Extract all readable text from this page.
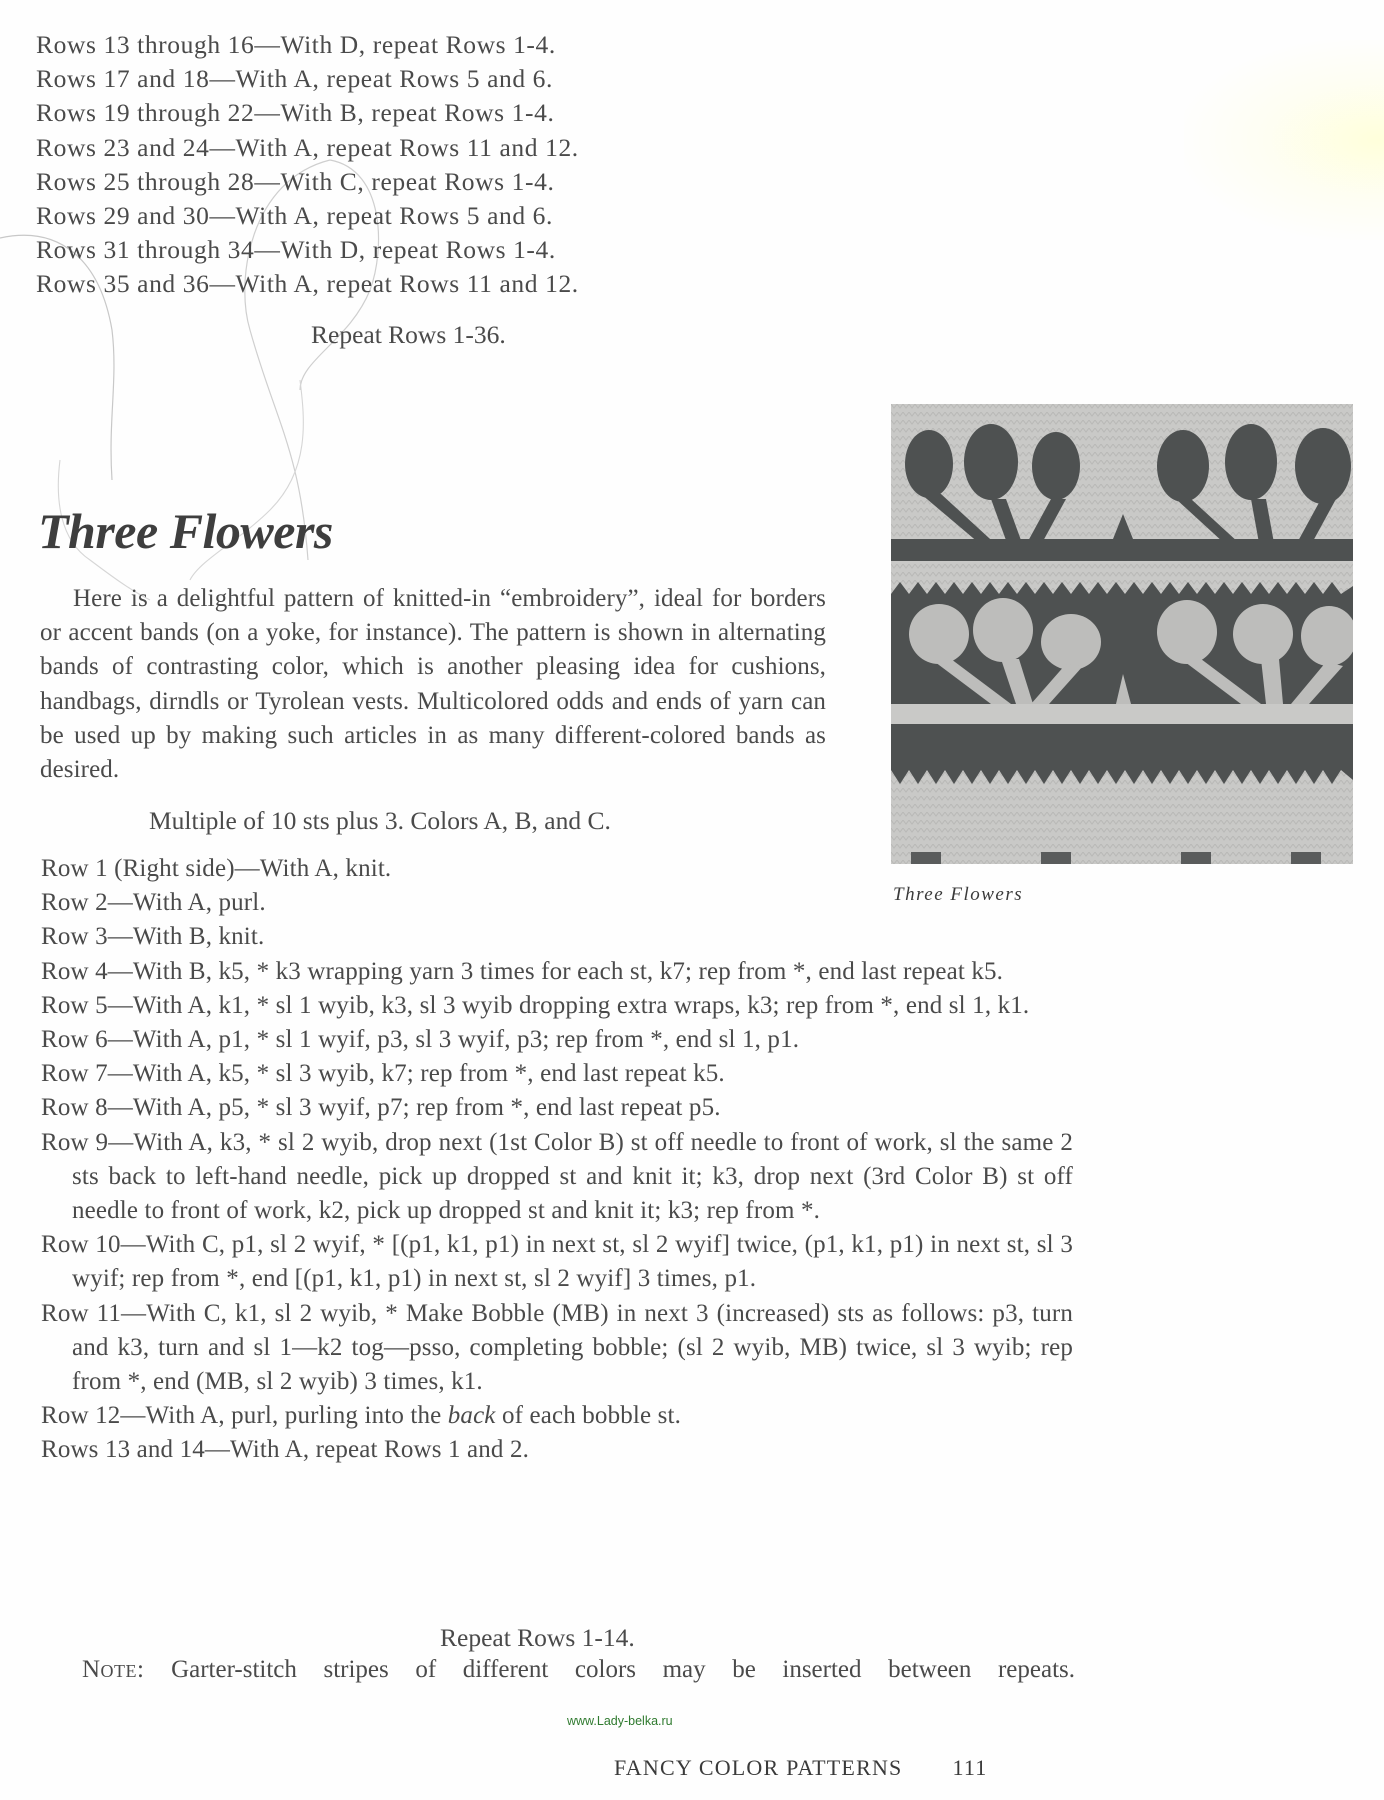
Rows 13 through 16—With D, repeat Rows 1-4.
Rows 17 and 18—With A, repeat Rows 5 and 6.
Rows 19 through 22—With B, repeat Rows 1-4.
Rows 23 and 24—With A, repeat Rows 11 and 12.
Rows 25 through 28—With C, repeat Rows 1-4.
Rows 29 and 30—With A, repeat Rows 5 and 6.
Rows 31 through 34—With D, repeat Rows 1-4.
Rows 35 and 36—With A, repeat Rows 11 and 12.
Repeat Rows 1-36.
Three Flowers
Here is a delightful pattern of knitted-in “embroidery”, ideal for borders or accent bands (on a yoke, for instance). The pattern is shown in alternating bands of contrasting color, which is another pleasing idea for cushions, handbags, dirndls or Tyrolean vests. Multicolored odds and ends of yarn can be used up by making such articles in as many different-colored bands as desired.
Multiple of 10 sts plus 3. Colors A, B, and C.
Three Flowers
Row 1 (Right side)—With A, knit.
Row 2—With A, purl.
Row 3—With B, knit.
Row 4—With B, k5, * k3 wrapping yarn 3 times for each st, k7; rep from *, end last repeat k5.
Row 5—With A, k1, * sl 1 wyib, k3, sl 3 wyib dropping extra wraps, k3; rep from *, end sl 1, k1.
Row 6—With A, p1, * sl 1 wyif, p3, sl 3 wyif, p3; rep from *, end sl 1, p1.
Row 7—With A, k5, * sl 3 wyib, k7; rep from *, end last repeat k5.
Row 8—With A, p5, * sl 3 wyif, p7; rep from *, end last repeat p5.
Row 9—With A, k3, * sl 2 wyib, drop next (1st Color B) st off needle to front of work, sl the same 2 sts back to left-hand needle, pick up dropped st and knit it; k3, drop next (3rd Color B) st off needle to front of work, k2, pick up dropped st and knit it; k3; rep from *.
Row 10—With C, p1, sl 2 wyif, * [(p1, k1, p1) in next st, sl 2 wyif] twice, (p1, k1, p1) in next st, sl 3 wyif; rep from *, end [(p1, k1, p1) in next st, sl 2 wyif] 3 times, p1.
Row 11—With C, k1, sl 2 wyib, * Make Bobble (MB) in next 3 (increased) sts as follows: p3, turn and k3, turn and sl 1—k2 tog—psso, completing bobble; (sl 2 wyib, MB) twice, sl 3 wyib; rep from *, end (MB, sl 2 wyib) 3 times, k1.
Row 12—With A, purl, purling into the back of each bobble st.
Rows 13 and 14—With A, repeat Rows 1 and 2.
Repeat Rows 1-14.
Note: Garter-stitch stripes of different colors may be inserted between repeats.
www.Lady-belka.ru
FANCY COLOR PATTERNS 111
